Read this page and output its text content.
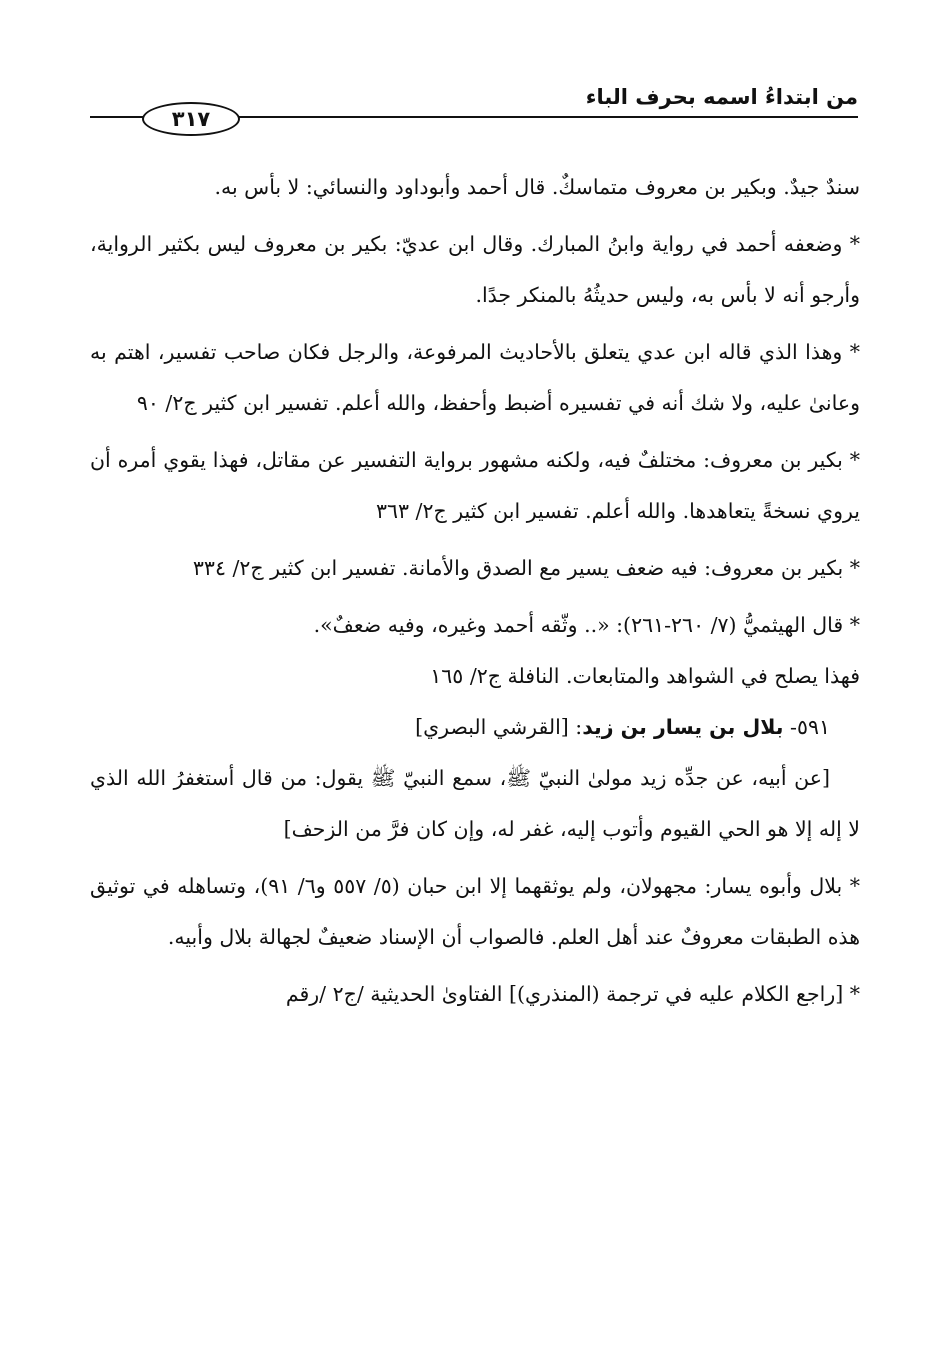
من ابتداءُ اسمه بحرف الباء
٣١٧

سندٌ جيدٌ. وبكير بن معروف متماسكٌ. قال أحمد وأبوداود والنسائي: لا بأس به.

* وضعفه أحمد في رواية وابنُ المبارك. وقال ابن عديّ: بكير بن معروف ليس بكثير الرواية، وأرجو أنه لا بأس به، وليس حديثُهُ بالمنكر جدًا.

* وهذا الذي قاله ابن عدي يتعلق بالأحاديث المرفوعة، والرجل فكان صاحب تفسير، اهتم به وعانىٰ عليه، ولا شك أنه في تفسيره أضبط وأحفظ، والله أعلم. تفسير ابن كثير ج٢/ ٩٠

* بكير بن معروف: مختلفٌ فيه، ولكنه مشهور برواية التفسير عن مقاتل، فهذا يقوي أمره أن يروي نسخةً يتعاهدها. والله أعلم. تفسير ابن كثير ج٢/ ٣٦٣

* بكير بن معروف: فيه ضعف يسير مع الصدق والأمانة. تفسير ابن كثير ج٢/ ٣٣٤

* قال الهيثميُّ (٧/ ٢٦٠-٢٦١): «.. وثّقه أحمد وغيره، وفيه ضعفٌ».

فهذا يصلح في الشواهد والمتابعات. النافلة ج٢/ ١٦٥

٥٩١- بلال بن يسار بن زيد: [القرشي البصري]

[عن أبيه، عن جدِّه زيد مولىٰ النبيّ ﷺ، سمع النبيّ ﷺ يقول: من قال أستغفرُ الله الذي لا إله إلا هو الحي القيوم وأتوب إليه، غفر له، وإن كان فرَّ من الزحف]

* بلال وأبوه يسار: مجهولان، ولم يوثقهما إلا ابن حبان (٥/ ٥٥٧ و٦/ ٩١)، وتساهله في توثيق هذه الطبقات معروفٌ عند أهل العلم. فالصواب أن الإسناد ضعيفٌ لجهالة بلال وأبيه.

* [راجع الكلام عليه في ترجمة (المنذري)] الفتاوىٰ الحديثية /ج٢ /رقم
